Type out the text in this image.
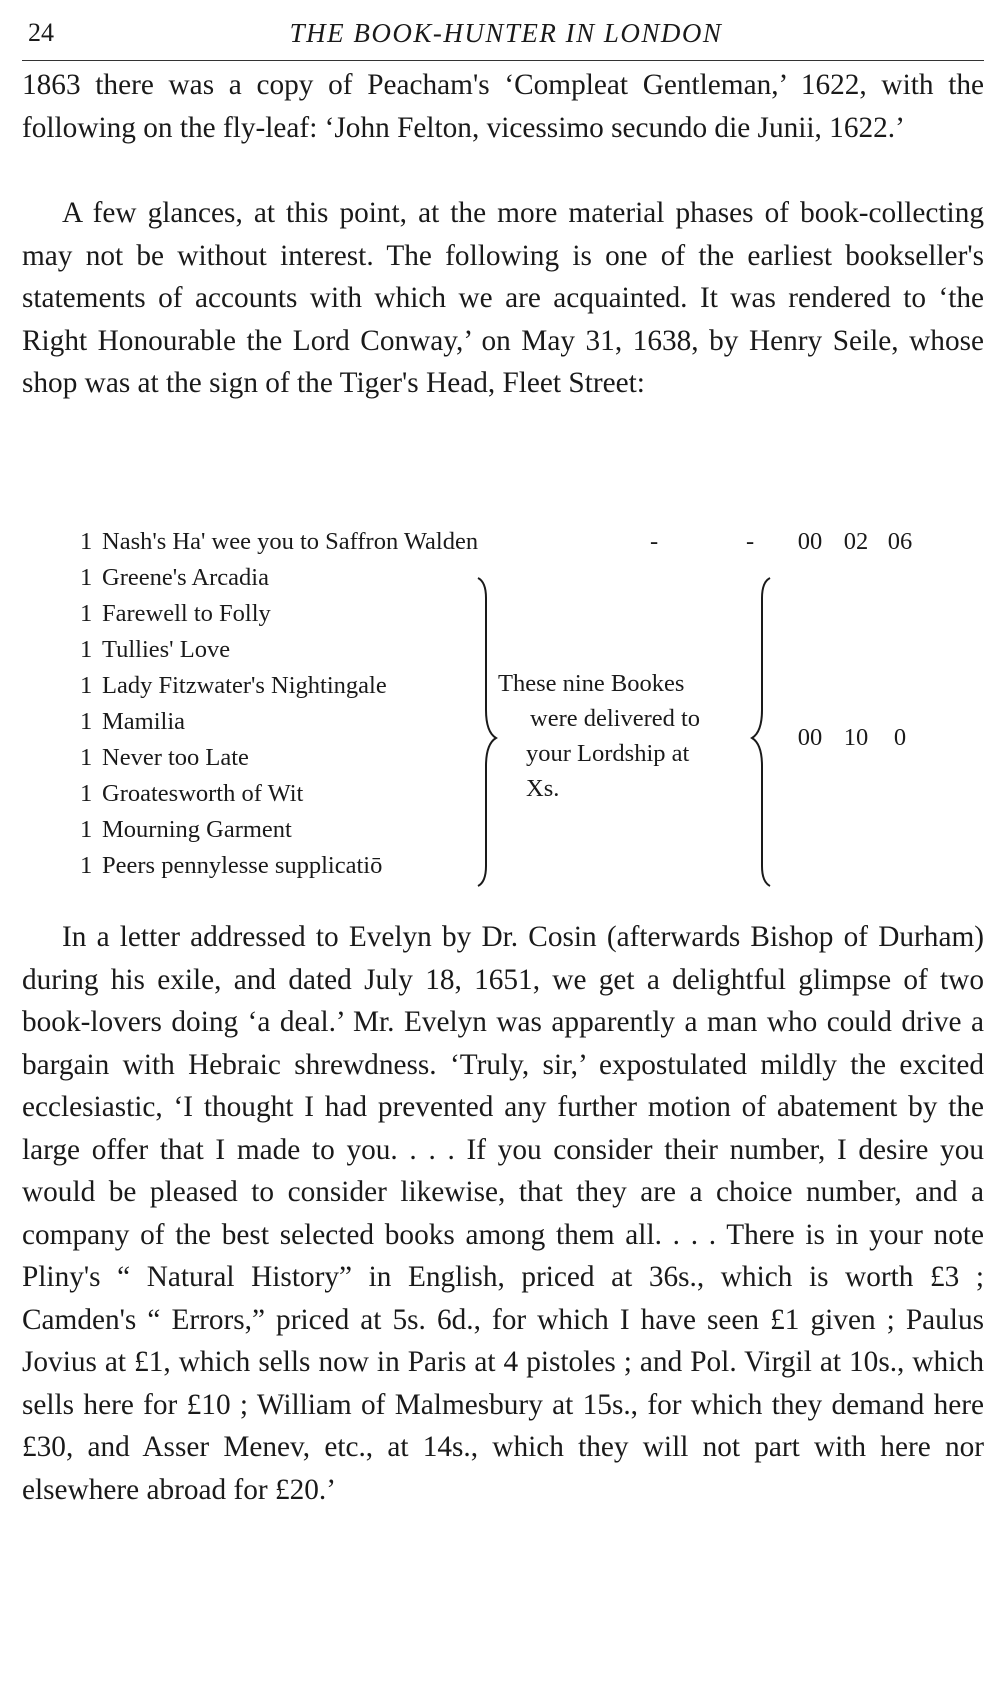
24	THE BOOK-HUNTER IN LONDON

1863 there was a copy of Peacham's ‘Compleat Gentleman,’ 1622, with the following on the fly-leaf: ‘John Felton, vicessimo secundo die Junii, 1622.’

A few glances, at this point, at the more material phases of book-collecting may not be without interest. The following is one of the earliest bookseller's statements of accounts with which we are acquainted. It was rendered to ‘the Right Honourable the Lord Conway,’ on May 31, 1638, by Henry Seile, whose shop was at the sign of the Tiger's Head, Fleet Street:

1 Nash's Ha' wee you to Saffron Walden	-	-	00 02 06
1 Greene's Arcadia
1 Farewell to Folly
1 Tullies' Love
1 Lady Fitzwater's Nightingale
1 Mamilia
1 Never too Late
1 Groatesworth of Wit
1 Mourning Garment
1 Peers pennylesse supplicatiō
These nine Bookes
were delivered to
your Lordship at
Xs.
00 10	0

In a letter addressed to Evelyn by Dr. Cosin (afterwards Bishop of Durham) during his exile, and dated July 18, 1651, we get a delightful glimpse of two book-lovers doing ‘a deal.’ Mr. Evelyn was apparently a man who could drive a bargain with Hebraic shrewdness. ‘Truly, sir,’ expostulated mildly the excited ecclesiastic, ‘I thought I had prevented any further motion of abatement by the large offer that I made to you. . . . If you consider their number, I desire you would be pleased to consider likewise, that they are a choice number, and a company of the best selected books among them all. . . . There is in your note Pliny's “ Natural History” in English, priced at 36s., which is worth £3 ; Camden's “ Errors,” priced at 5s. 6d., for which I have seen £1 given ; Paulus Jovius at £1, which sells now in Paris at 4 pistoles ; and Pol. Virgil at 10s., which sells here for £10 ; William of Malmesbury at 15s., for which they demand here £30, and Asser Menev, etc., at 14s., which they will not part with here nor elsewhere abroad for £20.’
